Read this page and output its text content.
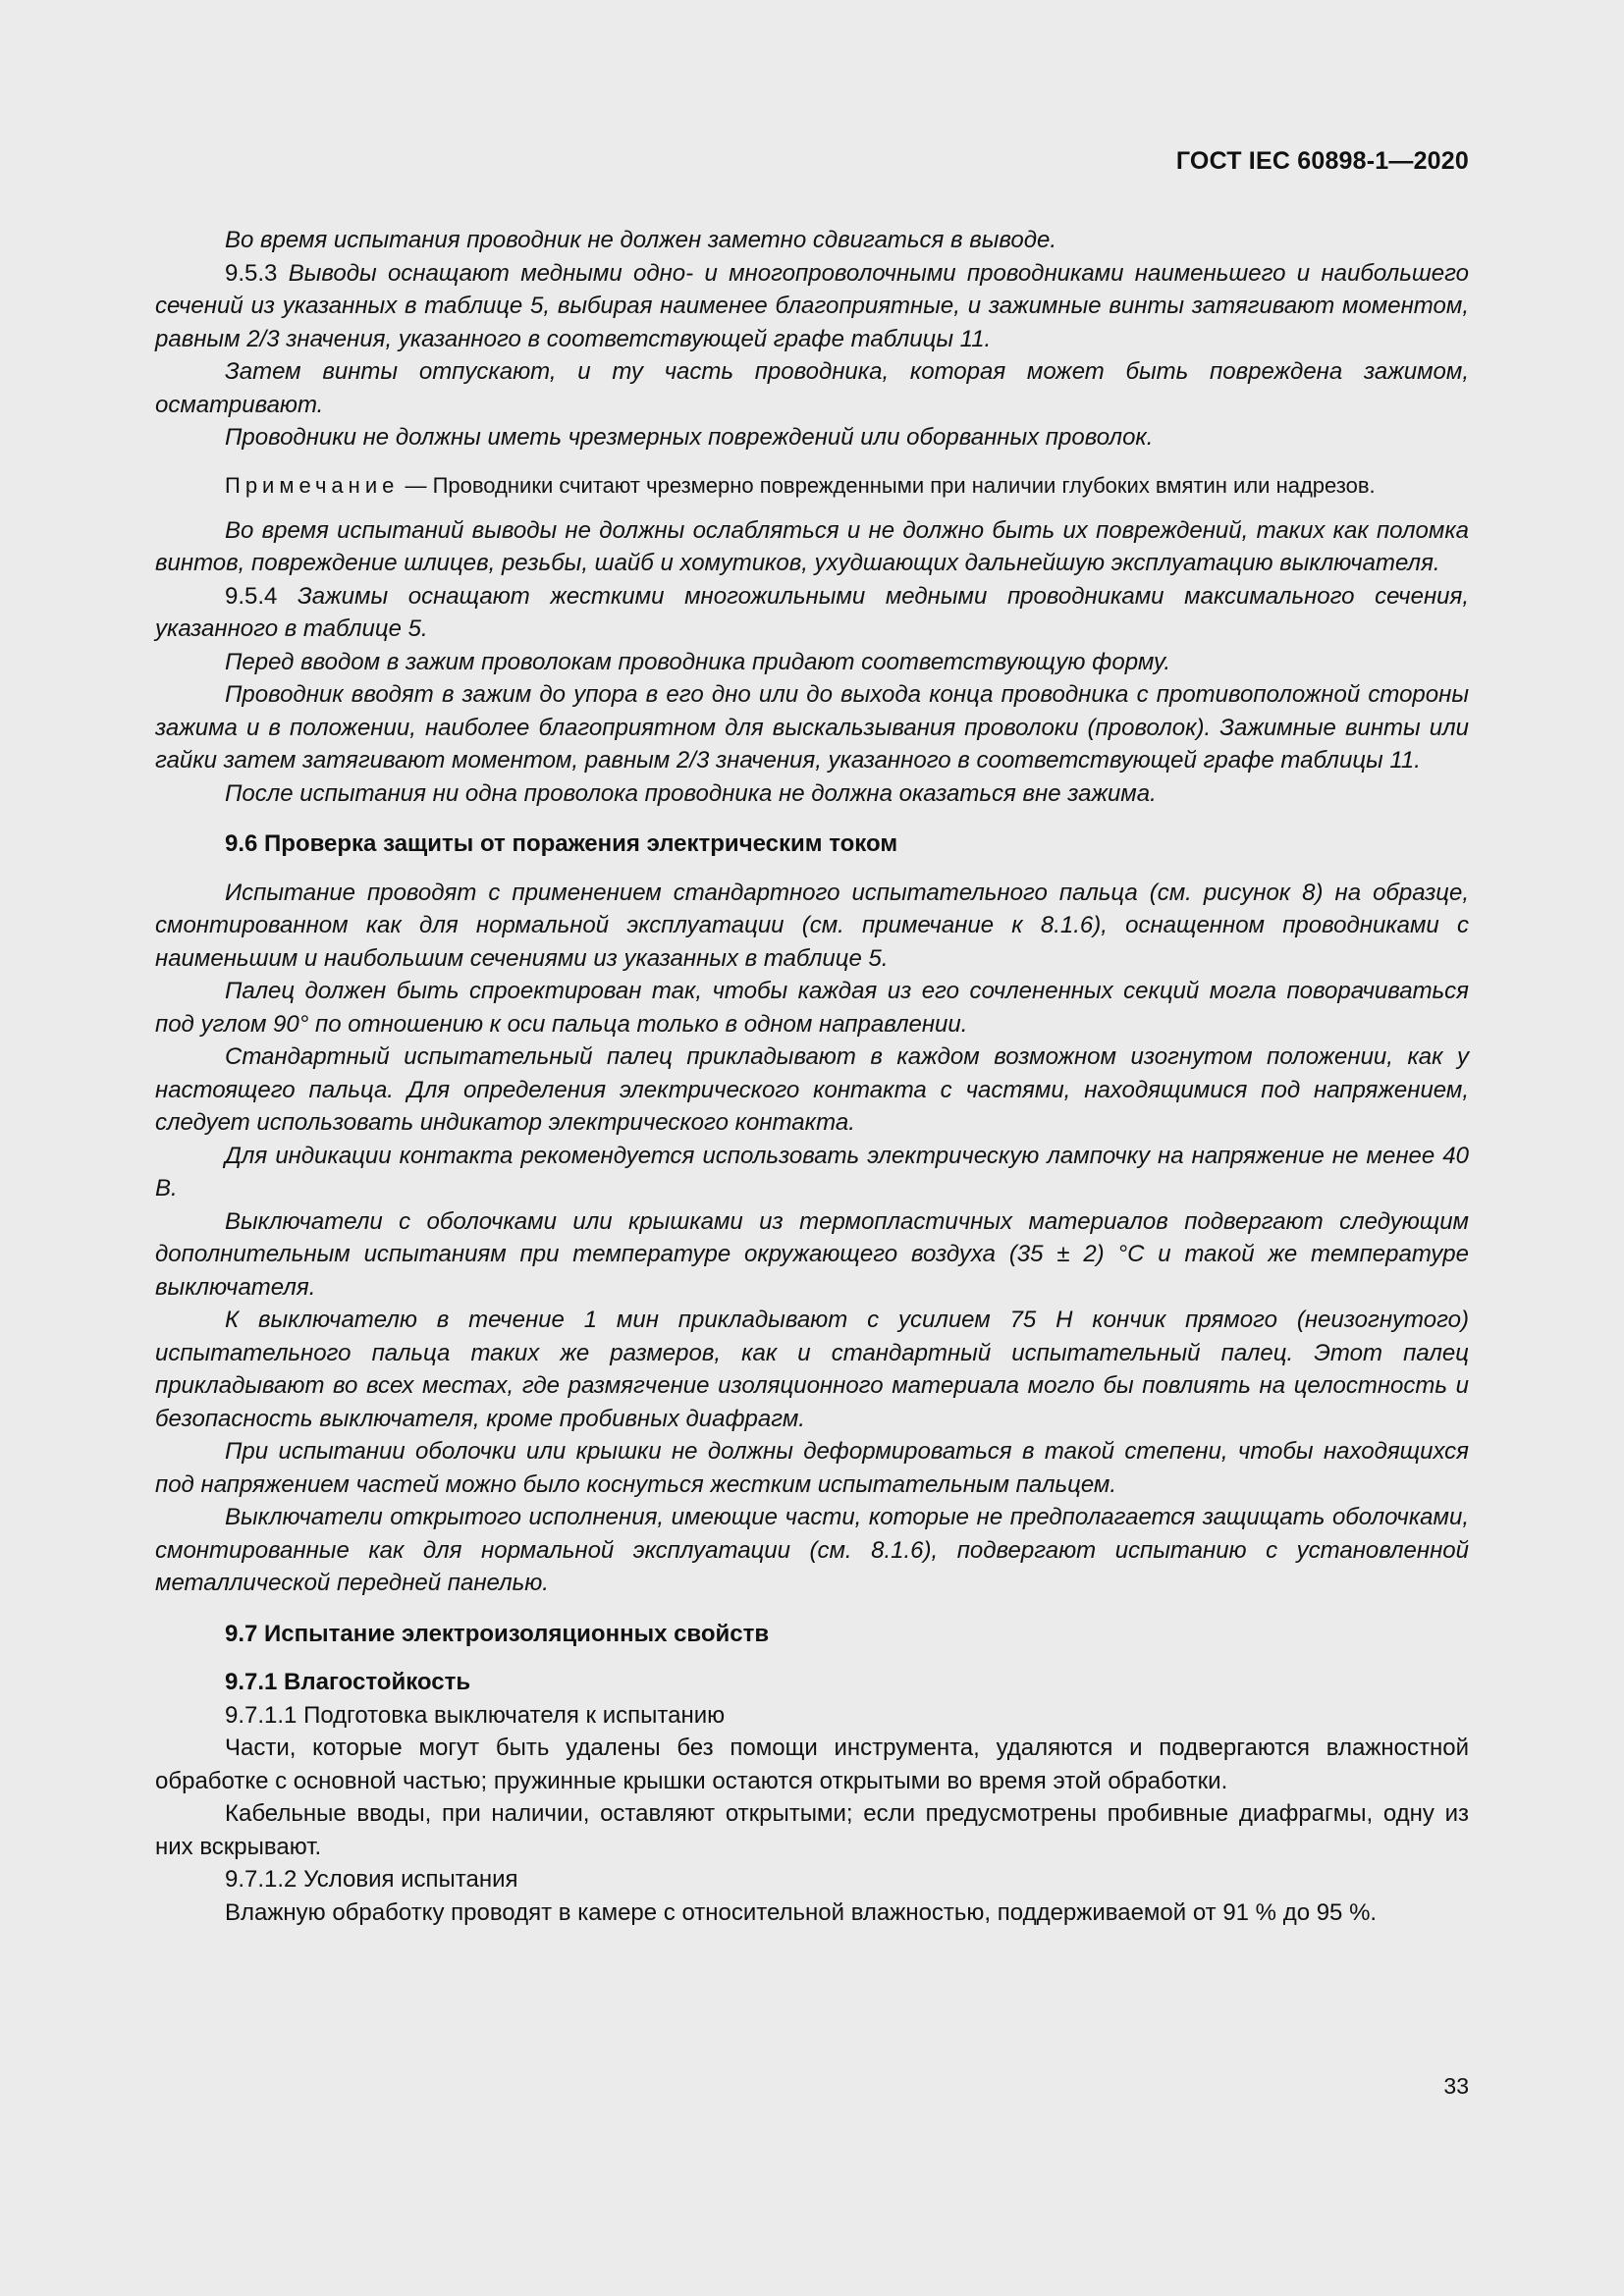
ГОСТ IEC 60898-1—2020

Во время испытания проводник не должен заметно сдвигаться в выводе.

9.5.3 Выводы оснащают медными одно- и многопроволочными проводниками наименьшего и наибольшего сечений из указанных в таблице 5, выбирая наименее благоприятные, и зажимные винты затягивают моментом, равным 2/3 значения, указанного в соответствующей графе таблицы 11.

Затем винты отпускают, и ту часть проводника, которая может быть повреждена зажимом, осматривают.

Проводники не должны иметь чрезмерных повреждений или оборванных проволок.

Примечание — Проводники считают чрезмерно поврежденными при наличии глубоких вмятин или надрезов.

Во время испытаний выводы не должны ослабляться и не должно быть их повреждений, таких как поломка винтов, повреждение шлицев, резьбы, шайб и хомутиков, ухудшающих дальнейшую эксплуатацию выключателя.

9.5.4 Зажимы оснащают жесткими многожильными медными проводниками максимального сечения, указанного в таблице 5.

Перед вводом в зажим проволокам проводника придают соответствующую форму.

Проводник вводят в зажим до упора в его дно или до выхода конца проводника с противоположной стороны зажима и в положении, наиболее благоприятном для выскальзывания проволоки (проволок). Зажимные винты или гайки затем затягивают моментом, равным 2/3 значения, указанного в соответствующей графе таблицы 11.

После испытания ни одна проволока проводника не должна оказаться вне зажима.

9.6 Проверка защиты от поражения электрическим током

Испытание проводят с применением стандартного испытательного пальца (см. рисунок 8) на образце, смонтированном как для нормальной эксплуатации (см. примечание к 8.1.6), оснащенном проводниками с наименьшим и наибольшим сечениями из указанных в таблице 5.

Палец должен быть спроектирован так, чтобы каждая из его сочлененных секций могла поворачиваться под углом 90° по отношению к оси пальца только в одном направлении.

Стандартный испытательный палец прикладывают в каждом возможном изогнутом положении, как у настоящего пальца. Для определения электрического контакта с частями, находящимися под напряжением, следует использовать индикатор электрического контакта.

Для индикации контакта рекомендуется использовать электрическую лампочку на напряжение не менее 40 В.

Выключатели с оболочками или крышками из термопластичных материалов подвергают следующим дополнительным испытаниям при температуре окружающего воздуха (35 ± 2) °С и такой же температуре выключателя.

К выключателю в течение 1 мин прикладывают с усилием 75 Н кончик прямого (неизогнутого) испытательного пальца таких же размеров, как и стандартный испытательный палец. Этот палец прикладывают во всех местах, где размягчение изоляционного материала могло бы повлиять на целостность и безопасность выключателя, кроме пробивных диафрагм.

При испытании оболочки или крышки не должны деформироваться в такой степени, чтобы находящихся под напряжением частей можно было коснуться жестким испытательным пальцем.

Выключатели открытого исполнения, имеющие части, которые не предполагается защищать оболочками, смонтированные как для нормальной эксплуатации (см. 8.1.6), подвергают испытанию с установленной металлической передней панелью.

9.7 Испытание электроизоляционных свойств

9.7.1 Влагостойкость

9.7.1.1 Подготовка выключателя к испытанию

Части, которые могут быть удалены без помощи инструмента, удаляются и подвергаются влажностной обработке с основной частью; пружинные крышки остаются открытыми во время этой обработки.

Кабельные вводы, при наличии, оставляют открытыми; если предусмотрены пробивные диафрагмы, одну из них вскрывают.

9.7.1.2 Условия испытания

Влажную обработку проводят в камере с относительной влажностью, поддерживаемой от 91 % до 95 %.

33
